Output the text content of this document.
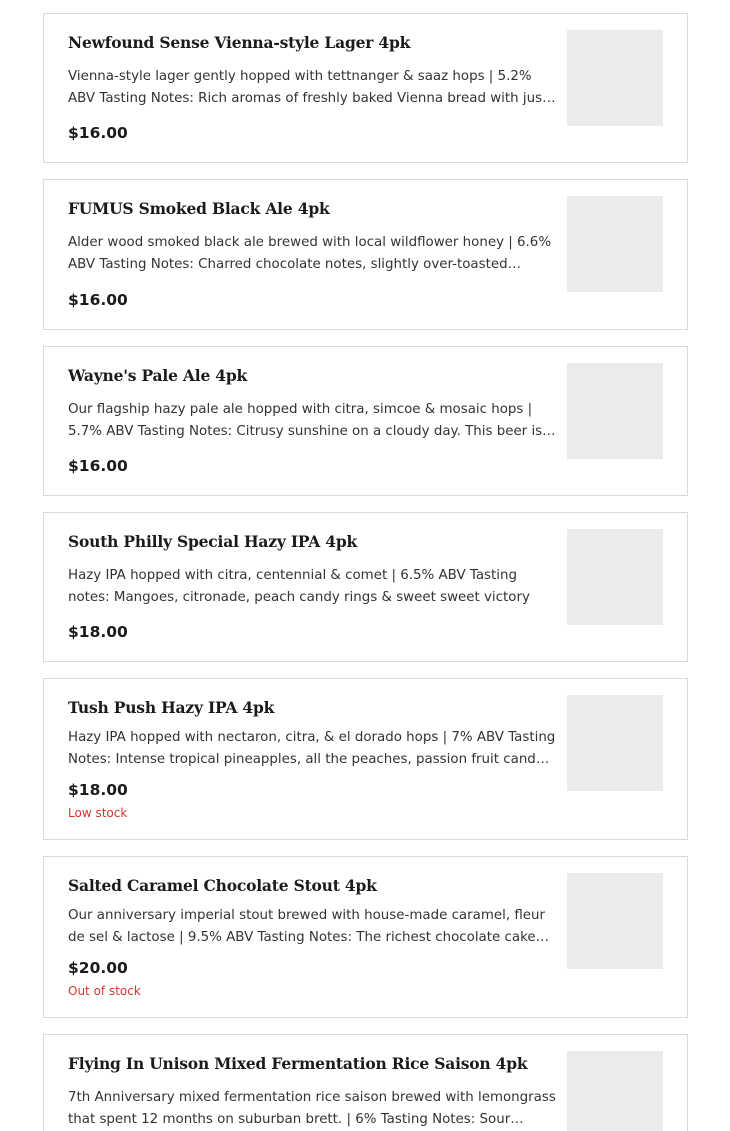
Newfound Sense Vienna-style Lager 4pk
Vienna-style lager gently hopped with tettnanger & saaz hops | 5.2% ABV Tasting Notes: Rich aromas of freshly baked Vienna bread with just
$16.00
FUMUS Smoked Black Ale 4pk
Alder wood smoked black ale brewed with local wildflower honey | 6.6% ABV Tasting Notes: Charred chocolate notes, slightly over-toasted
$16.00
Wayne's Pale Ale 4pk
Our flagship hazy pale ale hopped with citra, simcoe & mosaic hops | 5.7% ABV Tasting Notes: Citrusy sunshine on a cloudy day. This beer is
$16.00
South Philly Special Hazy IPA 4pk
Hazy IPA hopped with citra, centennial & comet | 6.5% ABV Tasting notes: Mangoes, citronade, peach candy rings & sweet sweet victory
$18.00
Tush Push Hazy IPA 4pk
Hazy IPA hopped with nectaron, citra, & el dorado hops | 7% ABV Tasting Notes: Intense tropical pineapples, all the peaches, passion fruit candy
$18.00
Low stock
Salted Caramel Chocolate Stout 4pk
Our anniversary imperial stout brewed with house-made caramel, fleur de sel & lactose | 9.5% ABV Tasting Notes: The richest chocolate cake
$20.00
Out of stock
Flying In Unison Mixed Fermentation Rice Saison 4pk
7th Anniversary mixed fermentation rice saison brewed with lemongrass that spent 12 months on suburban brett. | 6% Tasting Notes: Sour
